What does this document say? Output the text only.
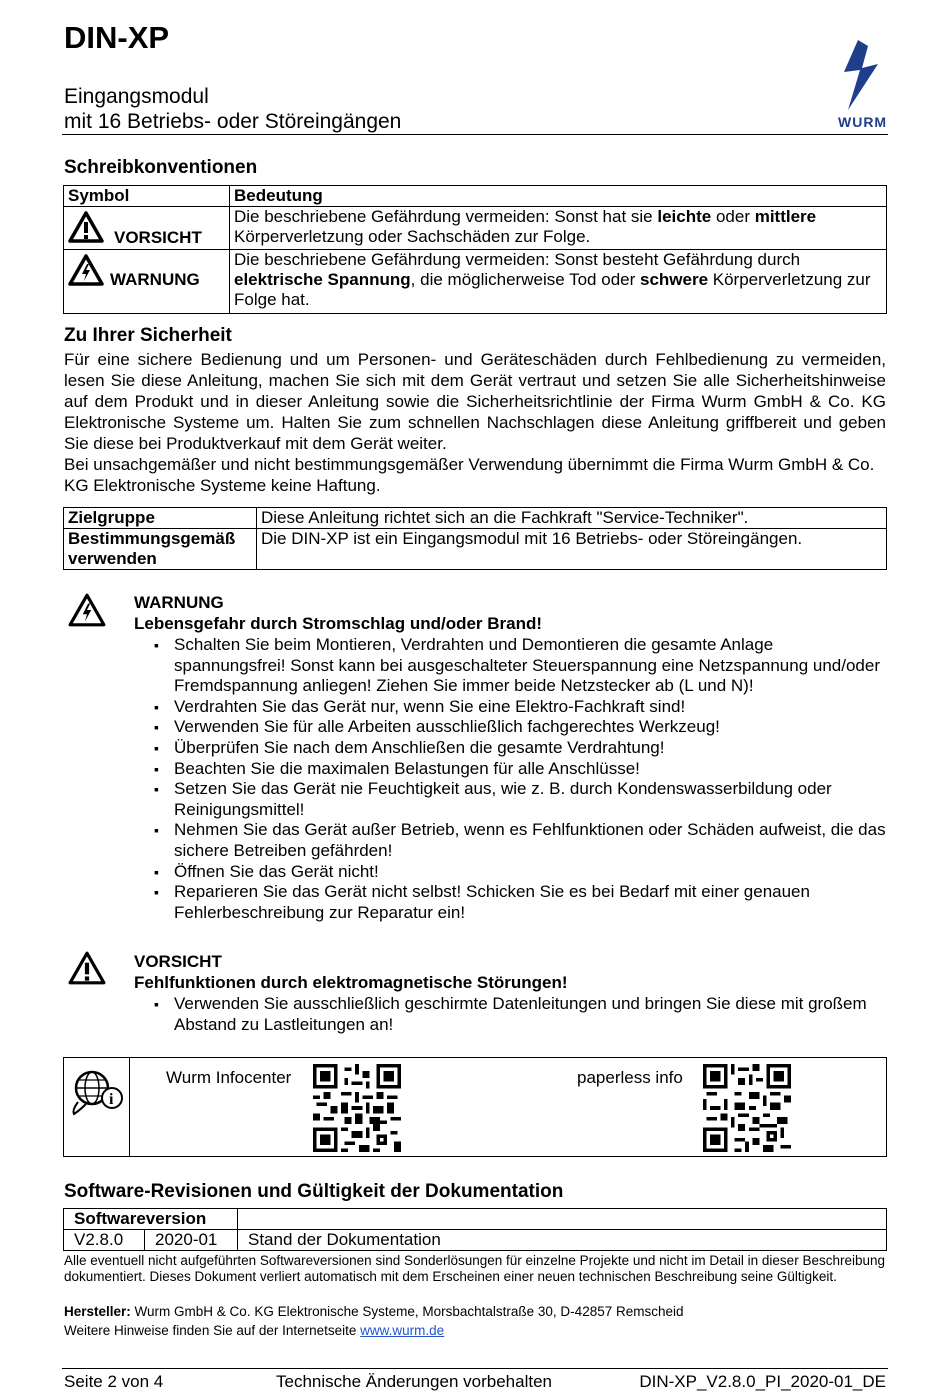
DIN-XP
Eingangsmodul
mit 16 Betriebs- oder Störeingängen	WURM
Schreibkonventionen
Symbol	Bedeutung

VORSICHT	Die beschriebene Gefährdung vermeiden: Sonst hat sie leichte oder mittlere Körperverletzung oder Sachschäden zur Folge.

WARNUNG	Die beschriebene Gefährdung vermeiden: Sonst besteht Gefährdung durch elektrische Spannung, die möglicherweise Tod oder schwere Körperverletzung zur Folge hat.
Zu Ihrer Sicherheit
Für eine sichere Bedienung und um Personen- und Geräteschäden durch Fehlbedienung zu vermeiden, lesen Sie diese Anleitung, machen Sie sich mit dem Gerät vertraut und setzen Sie alle Sicherheitshinweise auf dem Produkt und in dieser Anleitung sowie die Sicherheitsrichtlinie der Firma Wurm GmbH & Co. KG Elektronische Systeme um. Halten Sie zum schnellen Nachschlagen diese Anleitung griffbereit und geben Sie diese bei Produktverkauf mit dem Gerät weiter.
Bei unsachgemäßer und nicht bestimmungsgemäßer Verwendung übernimmt die Firma Wurm GmbH & Co. KG Elektronische Systeme keine Haftung.
Zielgruppe	Diese Anleitung richtet sich an die Fachkraft "Service-Techniker".

Bestimmungsgemäß
verwenden	Die DIN-XP ist ein Eingangsmodul mit 16 Betriebs- oder Störeingängen.
WARNUNG
Lebensgefahr durch Stromschlag und/oder Brand!
▪ Schalten Sie beim Montieren, Verdrahten und Demontieren die gesamte Anlage spannungsfrei! Sonst kann bei ausgeschalteter Steuerspannung eine Netzspannung und/oder Fremdspannung anliegen! Ziehen Sie immer beide Netzstecker ab (L und N)!
▪ Verdrahten Sie das Gerät nur, wenn Sie eine Elektro-Fachkraft sind!
▪ Verwenden Sie für alle Arbeiten ausschließlich fachgerechtes Werkzeug!
▪ Überprüfen Sie nach dem Anschließen die gesamte Verdrahtung!
▪ Beachten Sie die maximalen Belastungen für alle Anschlüsse!
▪ Setzen Sie das Gerät nie Feuchtigkeit aus, wie z. B. durch Kondenswasserbildung oder Reinigungsmittel!
▪ Nehmen Sie das Gerät außer Betrieb, wenn es Fehlfunktionen oder Schäden aufweist, die das sichere Betreiben gefährden!
▪ Öffnen Sie das Gerät nicht!
▪ Reparieren Sie das Gerät nicht selbst! Schicken Sie es bei Bedarf mit einer genauen Fehlerbeschreibung zur Reparatur ein!
VORSICHT
Fehlfunktionen durch elektromagnetische Störungen!
▪ Verwenden Sie ausschließlich geschirmte Datenleitungen und bringen Sie diese mit großem Abstand zu Lastleitungen an!
i
Wurm Infocenter	paperless info
Software-Revisionen und Gültigkeit der Dokumentation
Softwareversion		
V2.8.0	2020-01	Stand der Dokumentation
Alle eventuell nicht aufgeführten Softwareversionen sind Sonderlösungen für einzelne Projekte und nicht im Detail in dieser Beschreibung dokumentiert. Dieses Dokument verliert automatisch mit dem Erscheinen einer neuen technischen Beschreibung seine Gültigkeit.
Hersteller: Wurm GmbH & Co. KG Elektronische Systeme, Morsbachtalstraße 30, D-42857 Remscheid
Weitere Hinweise finden Sie auf der Internetseite www.wurm.de
Seite 2 von 4	Technische Änderungen vorbehalten	DIN-XP_V2.8.0_PI_2020-01_DE
